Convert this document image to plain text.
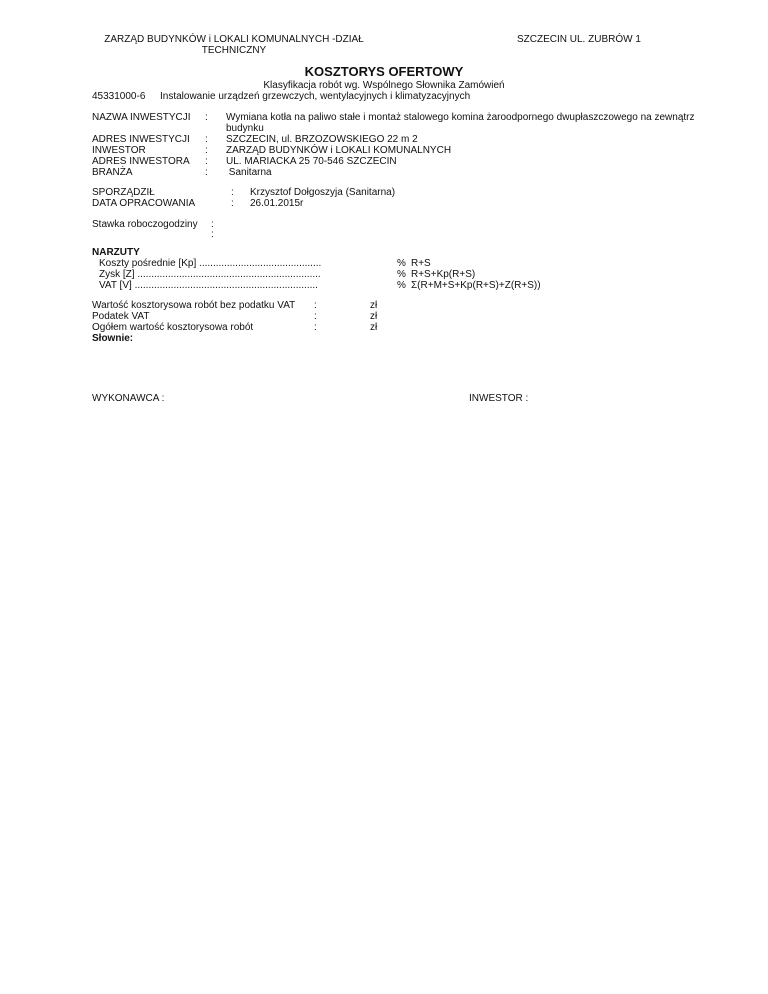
ZARZĄD BUDYNKÓW i LOKALI KOMUNALNYCH -DZIAŁ
TECHNICZNY
SZCZECIN UL. ZUBRÓW 1
KOSZTORYS OFERTOWY
Klasyfikacja robót wg. Wspólnego Słownika Zamówień
45331000-6 Instalowanie urządzeń grzewczych, wentylacyjnych i klimatyzacyjnych
NAZWA INWESTYCJI : Wymiana kotła na paliwo stałe i montaż stalowego komina żaroodpornego dwupłaszczowego na zewnątrz
budynku
ADRES INWESTYCJI : SZCZECIN, ul. BRZOZOWSKIEGO 22 m 2
INWESTOR	: ZARZĄD BUDYNKÓW i LOKALI KOMUNALNYCH
ADRES INWESTORA : UL. MARIACKA 25 70-546 SZCZECIN
BRANŻA	: Sanitarna
SPORZĄDZIŁ	: Krzysztof Dołgoszyja (Sanitarna)
DATA OPRACOWANIA	: 26.01.2015r
Stawka roboczogodziny :
:
NARZUTY
Koszty pośrednie [Kp] ............................................	% R+S
Zysk [Z] ..................................................................	% R+S+Kp(R+S)
VAT [V] ..................................................................	% Σ(R+M+S+Kp(R+S)+Z(R+S))
Wartość kosztorysowa robót bez podatku VAT :	zł
Podatek VAT	:	zł
Ogółem wartość kosztorysowa robót	:	zł
Słownie:
WYKONAWCA :	INWESTOR :
